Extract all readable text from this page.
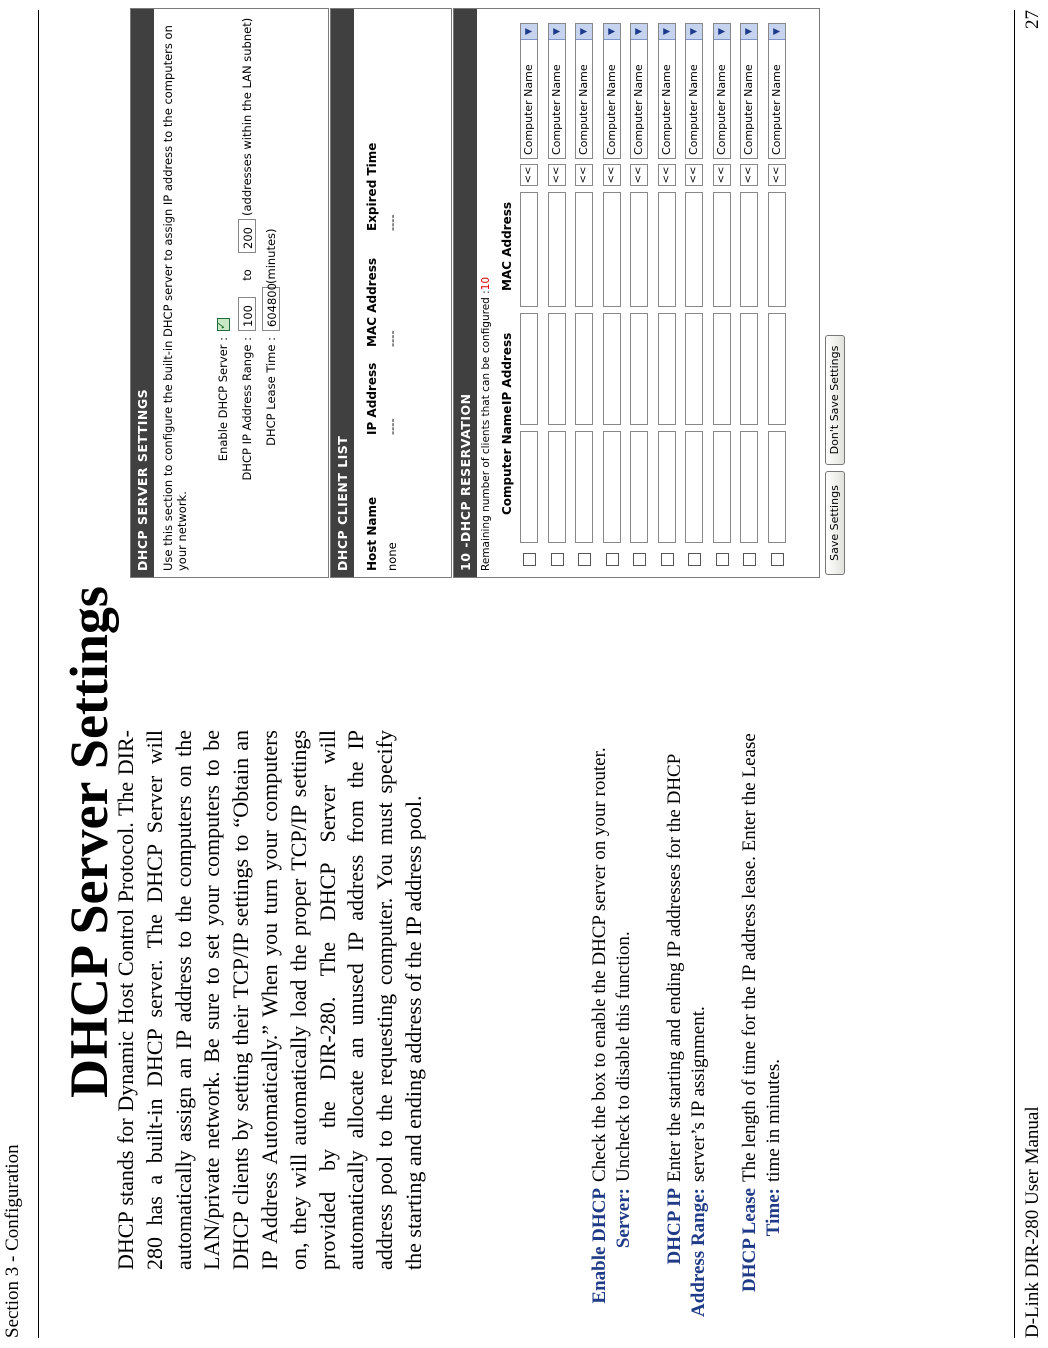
Section 3 - Configuration
DHCP Server Settings
DHCP stands for Dynamic Host Control Protocol. The DIR-280 has a built-in DHCP server. The DHCP Server will automatically assign an IP address to the computers on the LAN/private network. Be sure to set your computers to be DHCP clients by setting their TCP/IP settings to “Obtain an IP Address Automatically.” When you turn your computers on, they will automatically load the proper TCP/IP settings provided by the DIR-280. The DHCP Server will automatically allocate an unused IP address from the IP address pool to the requesting computer. You must specify the starting and ending address of the IP address pool.	Enable DHCP Server:
Check the box to enable the DHCP server on your router. Uncheck to disable this function.
DHCP IP Address Range:
Enter the starting and ending IP addresses for the DHCP server’s IP assignment.
DHCP Lease Time:
The length of time for the IP address lease. Enter the Lease time in minutes.
DHCP SERVER SETTINGS Use this section to configure the built-in DHCP server to assign IP address to the computers on your network.
Enable DHCP Server :
✓ DHCP IP Address Range :
100
to
200
(addresses within the LAN subnet)
DHCP Lease Time :
604800
(minutes)
DHCP CLIENT LIST	Host Name
IP Address
MAC Address
Expired Time
none
----
----
----
10 -DHCP RESERVATION Remaining number of clients that can be configured :10
Computer Name
IP Address
MAC Address
<<
Computer Name
▼
<<
Computer Name
▼
<<
Computer Name
▼
<<
Computer Name
▼
<<
Computer Name
▼
<<
Computer Name
▼
<<
Computer Name
▼
<<
Computer Name
▼
<<
Computer Name
▼
<<
Computer Name
▼
Save Settings
Don't Save Settings
D-Link DIR-280 User Manual
27
